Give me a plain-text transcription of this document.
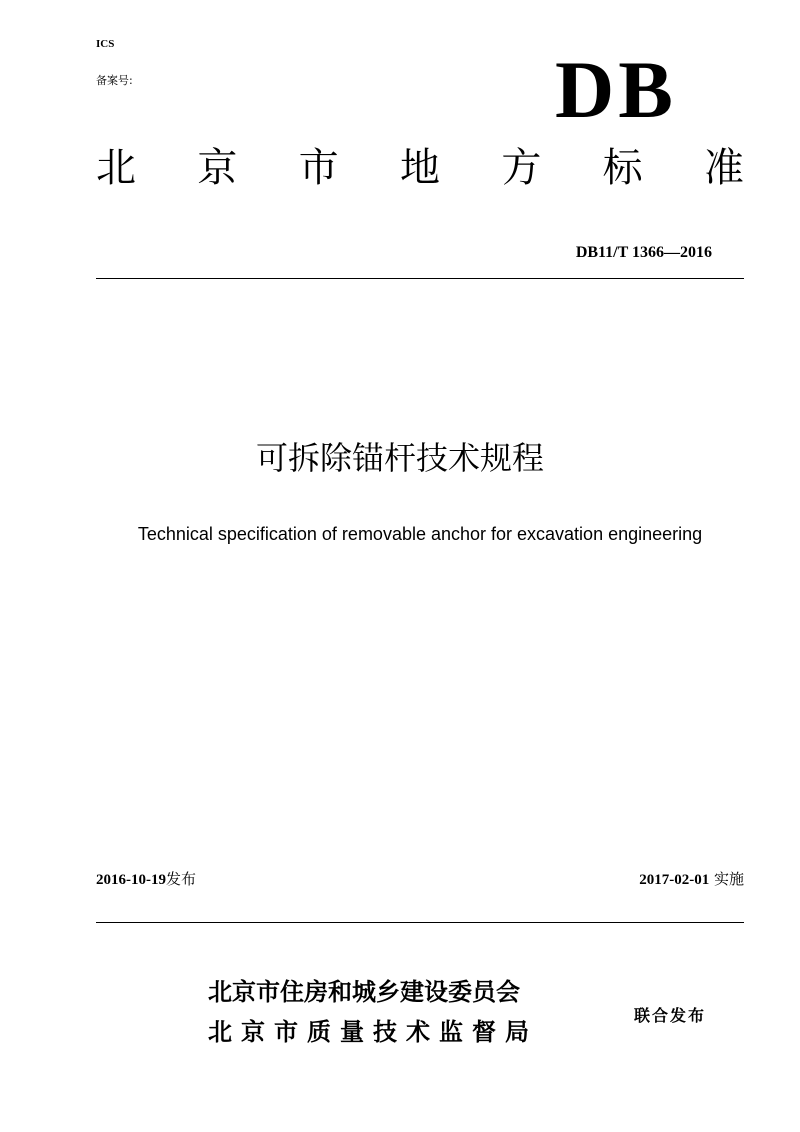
ICS
备案号:	DB
北 京 市 地 方 标 准
DB11/T 1366—2016
可拆除锚杆技术规程
Technical specification of removable anchor for excavation engineering
2016-10-19发布	2017-02-01 实施
北京市住房和城乡建设委员会
北京市质量技术监督局
联合发布
